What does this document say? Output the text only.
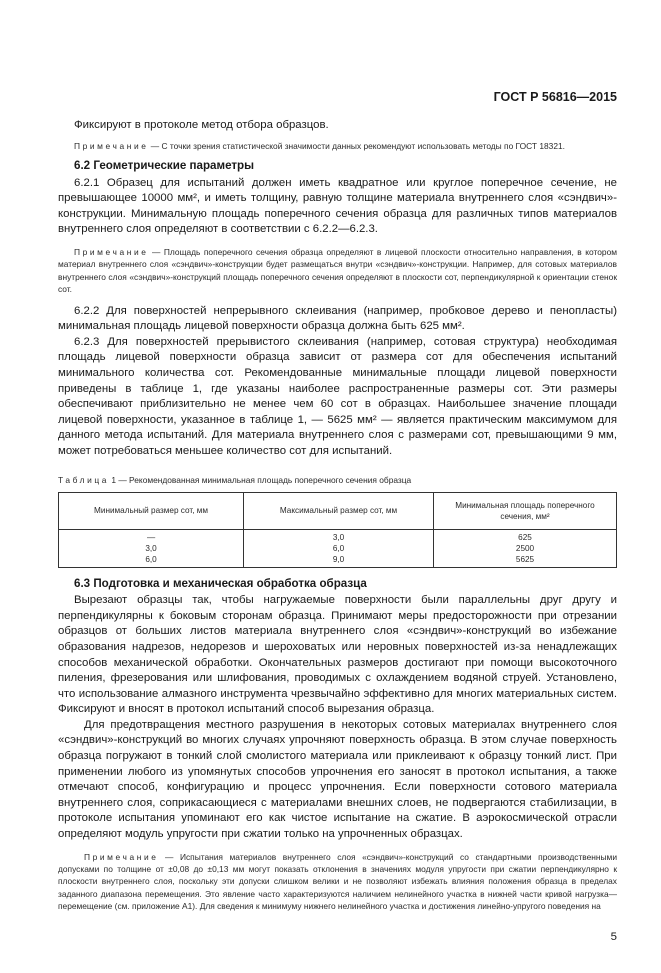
ГОСТ Р 56816—2015

Фиксируют в протоколе метод отбора образцов.

Примечание — С точки зрения статистической значимости данных рекомендуют использовать методы по ГОСТ 18321.

6.2 Геометрические параметры

6.2.1 Образец для испытаний должен иметь квадратное или круглое поперечное сечение, не превышающее 10000 мм², и иметь толщину, равную толщине материала внутреннего слоя «сэндвич»-конструкции. Минимальную площадь поперечного сечения образца для различных типов материалов внутреннего слоя определяют в соответствии с 6.2.2—6.2.3.

Примечание — Площадь поперечного сечения образца определяют в лицевой плоскости относительно направления, в котором материал внутреннего слоя «сэндвич»-конструкции будет размещаться внутри «сэндвич»-конструкции. Например, для сотовых материалов внутреннего слоя «сэндвич»-конструкций площадь поперечного сечения определяют в плоскости сот, перпендикулярной к ориентации стенок сот.

6.2.2 Для поверхностей непрерывного склеивания (например, пробковое дерево и пенопласты) минимальная площадь лицевой поверхности образца должна быть 625 мм².

6.2.3 Для поверхностей прерывистого склеивания (например, сотовая структура) необходимая площадь лицевой поверхности образца зависит от размера сот для обеспечения испытаний минимального количества сот. Рекомендованные минимальные площади лицевой поверхности приведены в таблице 1, где указаны наиболее распространенные размеры сот. Эти размеры обеспечивают приблизительно не менее чем 60 сот в образцах. Наибольшее значение площади лицевой поверхности, указанное в таблице 1, — 5625 мм² — является практическим максимумом для данного метода испытаний. Для материала внутреннего слоя с размерами сот, превышающими 9 мм, может потребоваться меньшее количество сот для испытаний.

Таблица 1 — Рекомендованная минимальная площадь поперечного сечения образца

Минимальный размер сот, мм	Максимальный размер сот, мм	Минимальная площадь поперечного сечения, мм²
—	3,0	625
3,0	6,0	2500
6,0	9,0	5625

6.3 Подготовка и механическая обработка образца

Вырезают образцы так, чтобы нагружаемые поверхности были параллельны друг другу и перпендикулярны к боковым сторонам образца. Принимают меры предосторожности при отрезании образцов от больших листов материала внутреннего слоя «сэндвич»-конструкций во избежание образования надрезов, недорезов и шероховатых или неровных поверхностей из-за ненадлежащих способов механической обработки. Окончательных размеров достигают при помощи высокоточного пиления, фрезерования или шлифования, проводимых с охлаждением водяной струей. Установлено, что использование алмазного инструмента чрезвычайно эффективно для многих материальных систем. Фиксируют и вносят в протокол испытаний способ вырезания образца.

Для предотвращения местного разрушения в некоторых сотовых материалах внутреннего слоя «сэндвич»-конструкций во многих случаях упрочняют поверхность образца. В этом случае поверхность образца погружают в тонкий слой смолистого материала или приклеивают к образцу тонкий лист. При применении любого из упомянутых способов упрочнения его заносят в протокол испытания, а также отмечают способ, конфигурацию и процесс упрочнения. Если поверхности сотового материала внутреннего слоя, соприкасающиеся с материалами внешних слоев, не подвергаются стабилизации, в протоколе испытания упоминают его как чистое испытание на сжатие. В аэрокосмической отрасли определяют модуль упругости при сжатии только на упрочненных образцах.

Примечание — Испытания материалов внутреннего слоя «сэндвич»-конструкций со стандартными производственными допусками по толщине от ±0,08 до ±0,13 мм могут показать отклонения в значениях модуля упругости при сжатии перпендикулярно к плоскости внутреннего слоя, поскольку эти допуски слишком велики и не позволяют избежать влияния положения образца в пределах заданного диапазона перемещения. Это явление часто характеризуются наличием нелинейного участка в нижней части кривой нагрузка—перемещение (см. приложение А1). Для сведения к минимуму нижнего нелинейного участка и достижения линейно-упругого поведения на

5
